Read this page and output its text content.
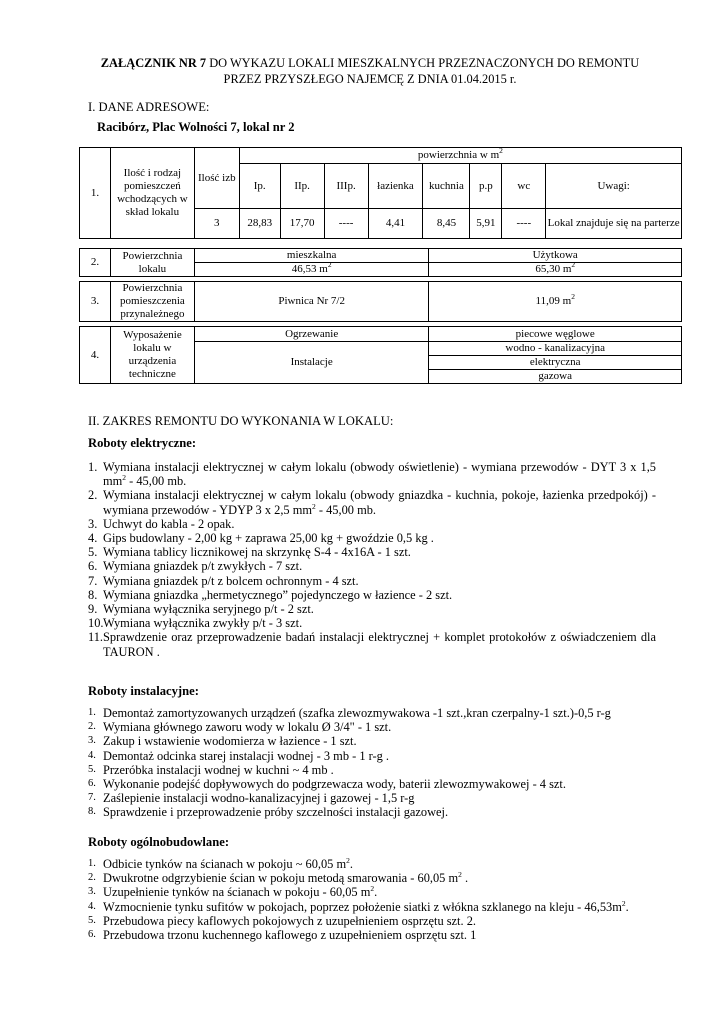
ZAŁĄCZNIK NR 7 DO WYKAZU LOKALI MIESZKALNYCH PRZEZNACZONYCH DO REMONTU
PRZEZ PRZYSZŁEGO NAJEMCĘ Z DNIA 01.04.2015 r.
I. DANE ADRESOWE:
Racibórz, Plac Wolności 7, lokal nr 2
1.	Ilość i rodzaj pomieszczeń wchodzących w skład lokalu	Ilość izb	powierzchnia w $m^2$
			Ip.	IIp.	IIIp.	łazienka	kuchnia	p.p	wc	Uwagi:
		3	28,83	17,70	----	4,41	8,45	5,91	----	Lokal znajduje się na parterze
2.	Powierzchnia lokalu	mieszkalna	Użytkowa
		46,53 $m^2$	65,30 $m^2$
3.	Powierzchnia pomieszczenia przynależnego	Piwnica Nr 7/2	11,09 $m^2$
4.	Wyposażenie lokalu w urządzenia techniczne	Ogrzewanie	piecowe węglowe
		Instalacje	wodno - kanalizacyjna
			elektryczna
			gazowa
II. ZAKRES REMONTU DO WYKONANIA W LOKALU:
Roboty elektryczne:
1. Wymiana instalacji elektrycznej w całym lokalu (obwody oświetlenie) - wymiana przewodów - DYT 3 x 1,5 $mm^2 - 45,00$ mb.
2. Wymiana instalacji elektrycznej w całym lokalu (obwody gniazdka - kuchnia, pokoje, łazienka przedpokój) - wymiana przewodów - YDYP 3 x 2,5 $mm^2 - 45,00$ mb.
3. Uchwyt do kabla - 2 opak.
4. Gips budowlany - 2,00 kg + zaprawa 25,00 kg + gwoździe 0,5 kg .
5. Wymiana tablicy licznikowej na skrzynkę S-4 - 4x16A - 1 szt.
6. Wymiana gniazdek p/t zwykłych - 7 szt.
7. Wymiana gniazdek p/t z bolcem ochronnym - 4 szt.
8. Wymiana gniazdka „hermetycznego” pojedynczego w łazience - 2 szt.
9. Wymiana wyłącznika seryjnego p/t - 2 szt.
10. Wymiana wyłącznika zwykły p/t - 3 szt.
11. Sprawdzenie oraz przeprowadzenie badań instalacji elektrycznej + komplet protokołów z oświadczeniem dla TAURON .
Roboty instalacyjne:
1. Demontaż zamortyzowanych urządzeń (szafka zlewozmywakowa -1 szt.,kran czerpalny-1 szt.)-0,5 r-g
2. Wymiana głównego zaworu wody w lokalu Ø 3/4" - 1 szt.
3. Zakup i wstawienie wodomierza w łazience - 1 szt.
4. Demontaż odcinka starej instalacji wodnej - 3 mb - 1 r-g .
5. Przeróbka instalacji wodnej w kuchni ~ 4 mb .
6. Wykonanie podejść dopływowych do podgrzewacza wody, baterii zlewozmywakowej - 4 szt.
7. Zaślepienie instalacji wodno-kanalizacyjnej i gazowej - 1,5 r-g
8. Sprawdzenie i przeprowadzenie próby szczelności instalacji gazowej.
Roboty ogólnobudowlane:
1. Odbicie tynków na ścianach w pokoju ~ 60,05 $m^2$.
2. Dwukrotne odgrzybienie ścian w pokoju metodą smarowania - 60,05 $m^2$ .
3. Uzupełnienie tynków na ścianach w pokoju - 60,05 $m^2$.
4. Wzmocnienie tynku sufitów w pokojach, poprzez położenie siatki z włókna szklanego na kleju - $46,53m^2$.
5. Przebudowa piecy kaflowych pokojowych z uzupełnieniem osprzętu szt. 2.
6. Przebudowa trzonu kuchennego kaflowego z uzupełnieniem osprzętu szt. 1
